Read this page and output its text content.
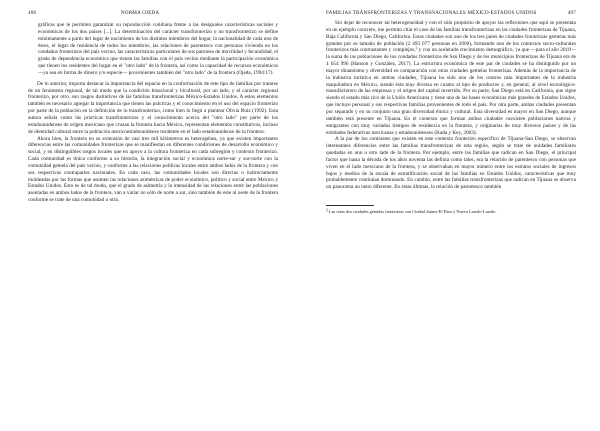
406	NORMA OJEDA

gráficas que le permiten garantizar su reproducción cotidiana frente a las desiguales características sociales y económicas de los dos países [...]. La determinación del carácter transfronterizo o no transfronterizo se define mínimamente a partir del lugar de nacimiento de los distintos miembros del hogar, la nacionalidad de cada uno de éstos, el lugar de residencia de todos los miembros, las relaciones de parentesco con personas viviendo en los condados fronterizos del país vecino, las características particulares de sus patrones de movilidad y fecundidad, el grado de dependencia económica que tienen las familias con el país vecino mediante la participación económica que tienen los residentes del hogar en el "otro lado" de la frontera, así como la capacidad de recursos económicos —ya sea en forma de dinero y/o especie— provenientes también del "otro lado" de la frontera (Ojeda, 1994:17).

De lo anterior, importa destacar la importancia del espacio en la conformación de este tipo de familias por tratarse de un fenómeno regional, de tal modo que la condición binacional y bicultural, por un lado, y el carácter regional fronterizo, por otro, son rasgos distintivos de las familias transfronterizas México-Estados Unidos. A estos elementos también es necesario agregar la importancia que tienen las prácticas y el conocimiento en el uso del espacio fronterizo por parte de la población en la definición de lo transfronterizo, como bien lo llegó a plantear Olivia Ruiz (1992). Esta autora señala como las prácticas transfronterizas y el conocimiento acerca del "otro lado" por parte de los estadounidenses de origen mexicano que cruzan la frontera hacia México, representan elementos constitutivos, incluso de identidad cultural entre la población mexicoestadounidense residente en el lado estadounidense de la frontera.

Ahora bien, la frontera en su extensión de casi tres mil kilómetros es heterogénea, ya que existen importantes diferencias entre las comunidades fronterizas que se manifiestan en diferentes condiciones de desarrollo económico y social, y en distinguibles rasgos locales que en apoyo a la cultura fronteriza en cada subregión y contexto fronterizo. Cada comunidad es tínica conforme a su historia, la integración social y económica norte-sur y sur-norte con la comunidad gemela del país vecino, y conforme a las relaciones políticas locales entre ambos lados de la frontera y con sus respectivas contrapartes nacionales. En cada caso, las comunidades locales son directas o indirectamente moldeadas por las formas que asumen las relaciones asimétricas de poder económico, político y social entre México y Estados Unidos. Esto es de tal modo, que el grado de asimetría y la intensidad de las relaciones entre las poblaciones asentadas en ambos lados de la frontera, van a variar no sólo de norte a sur, sino también de este al oeste de la frontera conforme se trate de una comunidad u otra.

FAMILIAS TRANSFRONTERIZAS Y TRANSNACIONALES MÉXICO-ESTADOS UNIDOS	407

Sin dejar de reconocer tal heterogeneidad y con el sólo propósito de apoyar las reflexiones que aquí se presentan en un ejemplo concreto, me permito citar el caso de las familias transfronterizas en las ciudades fronterizas de Tijuana, Baja California y San Diego, California. Estas ciudades son uno de los tres pares de ciudades fronterizas gemelas más grandes por su tamaño de población (2 493 077 personas en 2000), formando uno de los contextos socio-culturales fronterizos más contrastantes y complejos,$^3$ y con un acelerado crecimiento demográfico, ya que —para el año 2010— la suma de las poblaciones de los condados fronterizos de San Diego y de los municipios fronterizos de Tijuana era de 4 654 996 (Hanson y González, 2017). La estructura económica de este par de ciudades se ha distinguido por un mayor dinamismo y diversidad en comparación con otras ciudades gemelas fronterizas. Además de la importancia de la industria turística en ambas ciudades, Tijuana ha sido uno de los centros más importantes de la industria maquiladora en México, siendo ésta muy diversa en cuanto al tipo de productos y, en general, al nivel tecnológico-manufacturero de las empresas y el origen del capital invertido. Por su parte, San Diego está en California, que sigue siendo el estado más rico de la Unión Americana y tiene una de las bases económicas más grandes de Estados Unidos, que incluye personal y sus respectivas familias provenientes de todo el país. Por otra parte, ambas ciudades presentan por separado y en su conjunto una gran diversidad étnica y cultural. Esta diversidad es mayor en San Diego, aunque también está presente en Tijuana. En el contexto que forman ambas ciudades coexisten poblaciones nativas y emigrantes con muy variados tiempos de residencia en la frontera, y originarias de muy diversos países y de las entidades federativas mexicanas y estadounidenses (Kada y Key, 2003).

A la par de los contrastes que existen en este contexto fronterizo específico de Tijuana-San Diego, se observan interesantes diferencias entre las familias transfronterizas de esta región, según se trate de unidades familiares quedadas en uno u otro lado de la frontera. Por ejemplo, entre las familias que radican en San Diego, el principal factor que hasta la década de los años noventa las definía como tales, era la relación de parentesco con personas que viven en el lado mexicano de la frontera, y se observaban en mayor número entre los estratos sociales de ingresos bajos y medios de la escala de estratificación social de las familias en Estados Unidos, características que muy probablemente continúan dominando. En cambio, entre las familias transfronterizas que radican en Tijuana se observa un panorama un tanto diferente. En estas últimas, la relación de parentesco también

$^3$ Las otras dos ciudades gemelas fronterizas son Ciudad Juárez-El Paso y Nuevo Laredo-Laredo.
